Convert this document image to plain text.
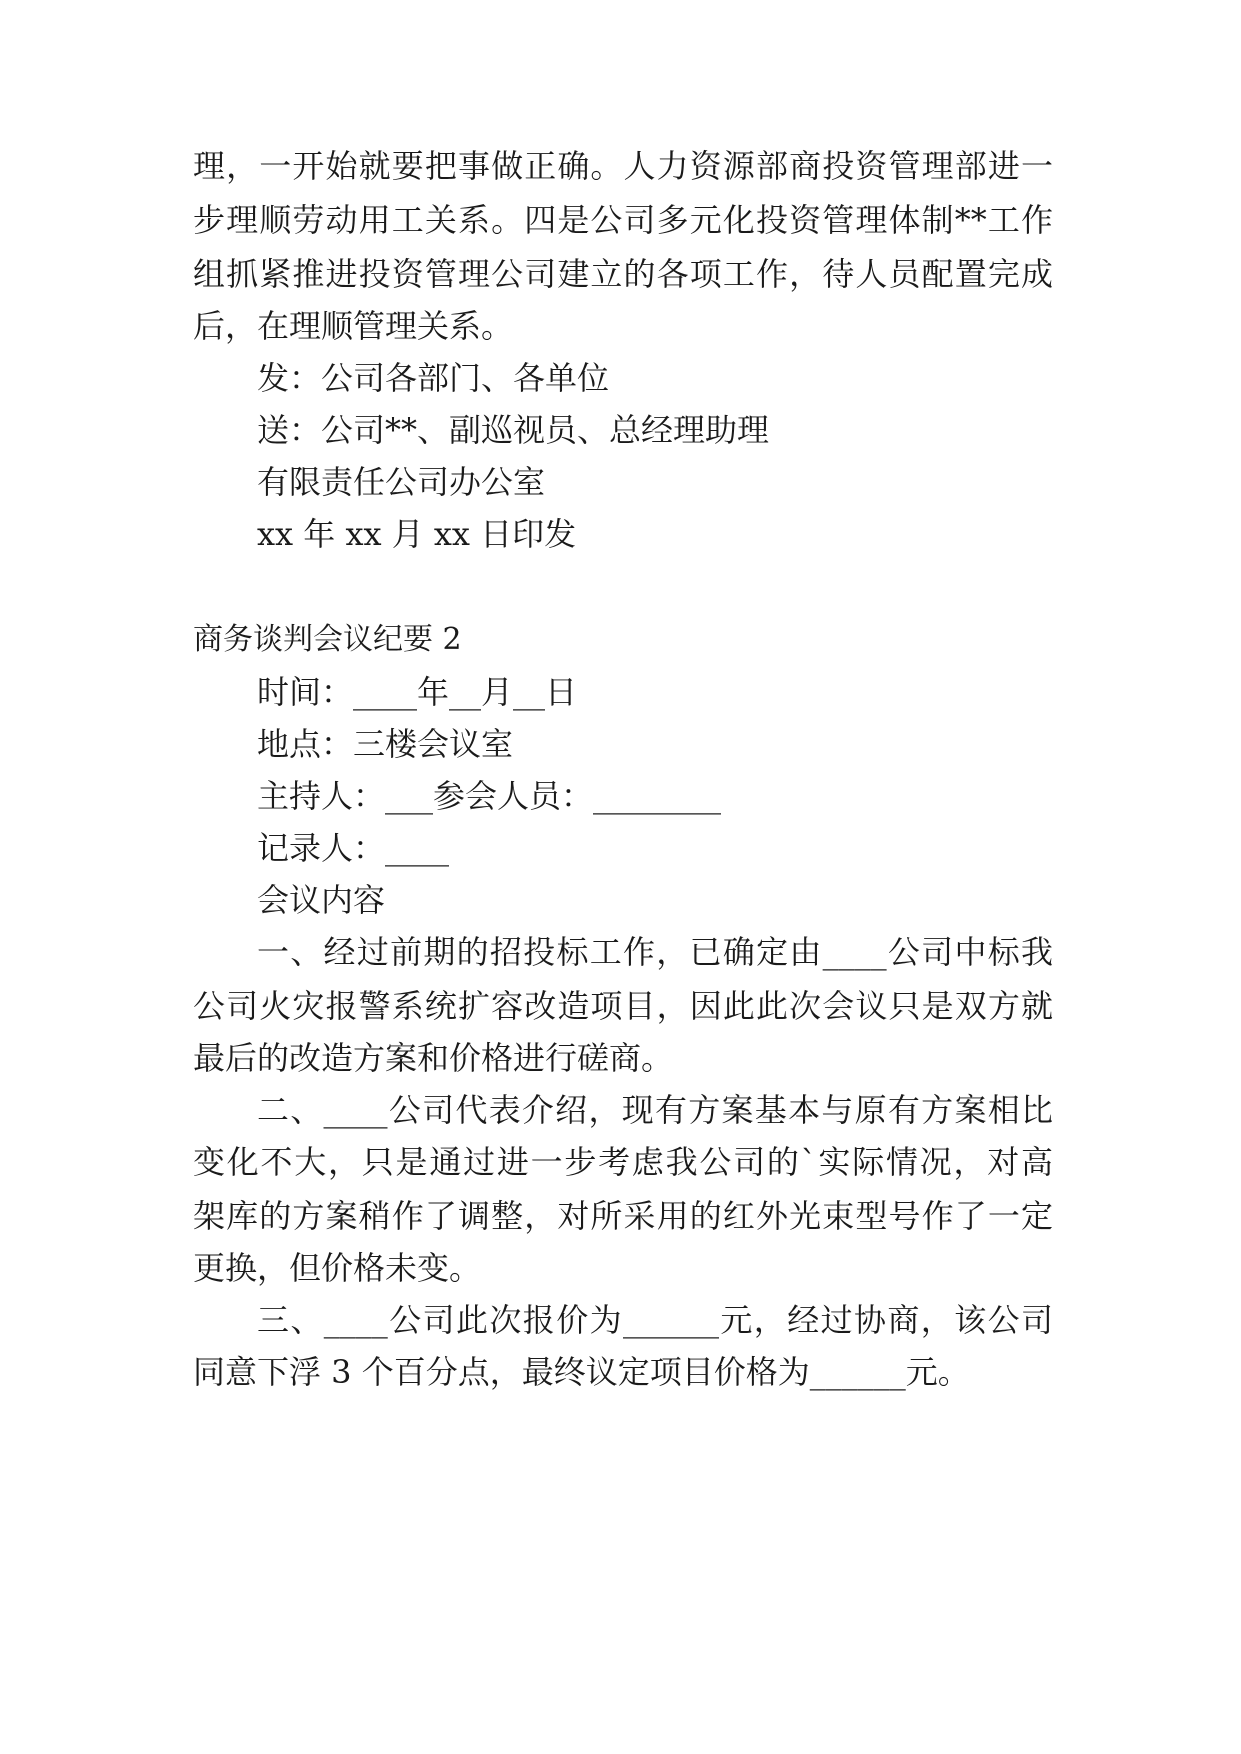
理，一开始就要把事做正确。人力资源部商投资管理部进一
步理顺劳动用工关系。四是公司多元化投资管理体制**工作
组抓紧推进投资管理公司建立的各项工作，待人员配置完成
后，在理顺管理关系。
发：公司各部门、各单位
送：公司**、副巡视员、总经理助理
有限责任公司办公室
xx 年 xx 月 xx 日印发
商务谈判会议纪要 2
时间：____年__月__日
地点：三楼会议室
主持人：___参会人员：________
记录人：____
会议内容
一、经过前期的招投标工作，已确定由____公司中标我
公司火灾报警系统扩容改造项目，因此此次会议只是双方就
最后的改造方案和价格进行磋商。
二、____公司代表介绍，现有方案基本与原有方案相比
变化不大，只是通过进一步考虑我公司的`实际情况，对高
架库的方案稍作了调整，对所采用的红外光束型号作了一定
更换，但价格未变。
三、____公司此次报价为______元，经过协商，该公司
同意下浮 3 个百分点，最终议定项目价格为______元。
